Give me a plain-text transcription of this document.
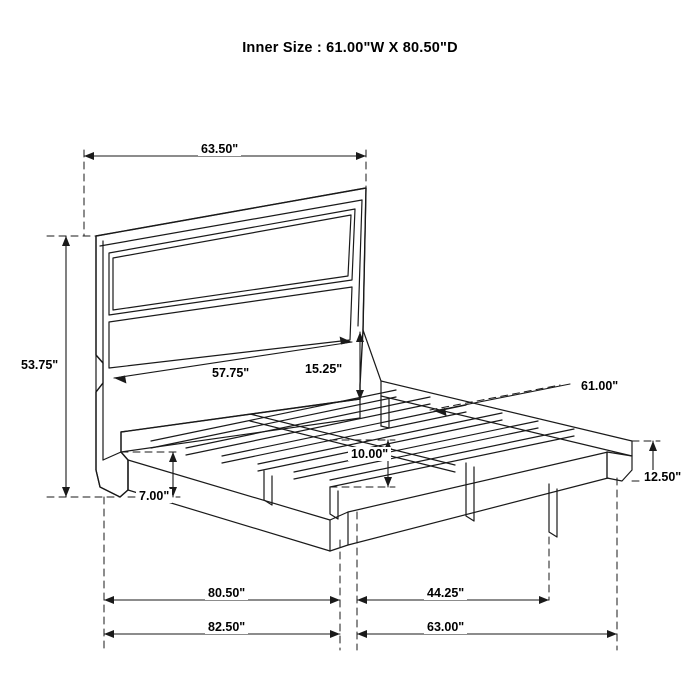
Inner Size : 61.00"W X 80.50"D
63.50"
53.75"
57.75"	15.25"
61.00"
10.00"
7.00"
12.50"
80.50"	44.25"
82.50"	63.00"
